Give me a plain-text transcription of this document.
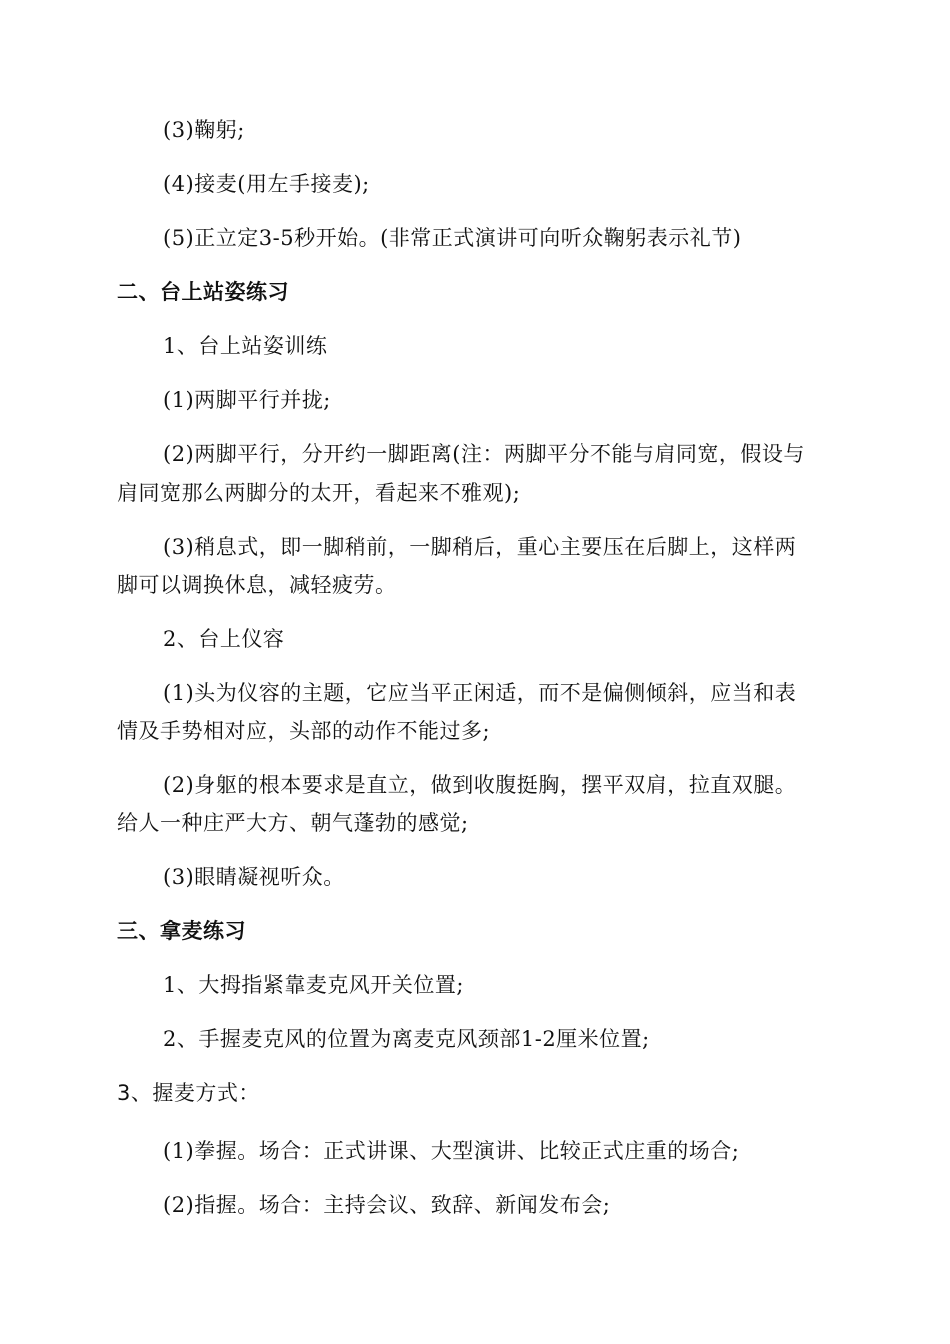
(3)鞠躬;

(4)接麦(用左手接麦);

(5)正立定3-5秒开始。(非常正式演讲可向听众鞠躬表示礼节)

二、台上站姿练习

1、台上站姿训练

(1)两脚平行并拢;

(2)两脚平行，分开约一脚距离(注：两脚平分不能与肩同宽，假设与

肩同宽那么两脚分的太开，看起来不雅观);

(3)稍息式，即一脚稍前，一脚稍后，重心主要压在后脚上，这样两

脚可以调换休息，减轻疲劳。

2、台上仪容

(1)头为仪容的主题，它应当平正闲适，而不是偏侧倾斜，应当和表

情及手势相对应，头部的动作不能过多;

(2)身躯的根本要求是直立，做到收腹挺胸，摆平双肩，拉直双腿。

给人一种庄严大方、朝气蓬勃的感觉;

(3)眼睛凝视听众。

三、拿麦练习

1、大拇指紧靠麦克风开关位置;

2、手握麦克风的位置为离麦克风颈部1-2厘米位置;

3、握麦方式：

(1)拳握。场合：正式讲课、大型演讲、比较正式庄重的场合;

(2)指握。场合：主持会议、致辞、新闻发布会;
